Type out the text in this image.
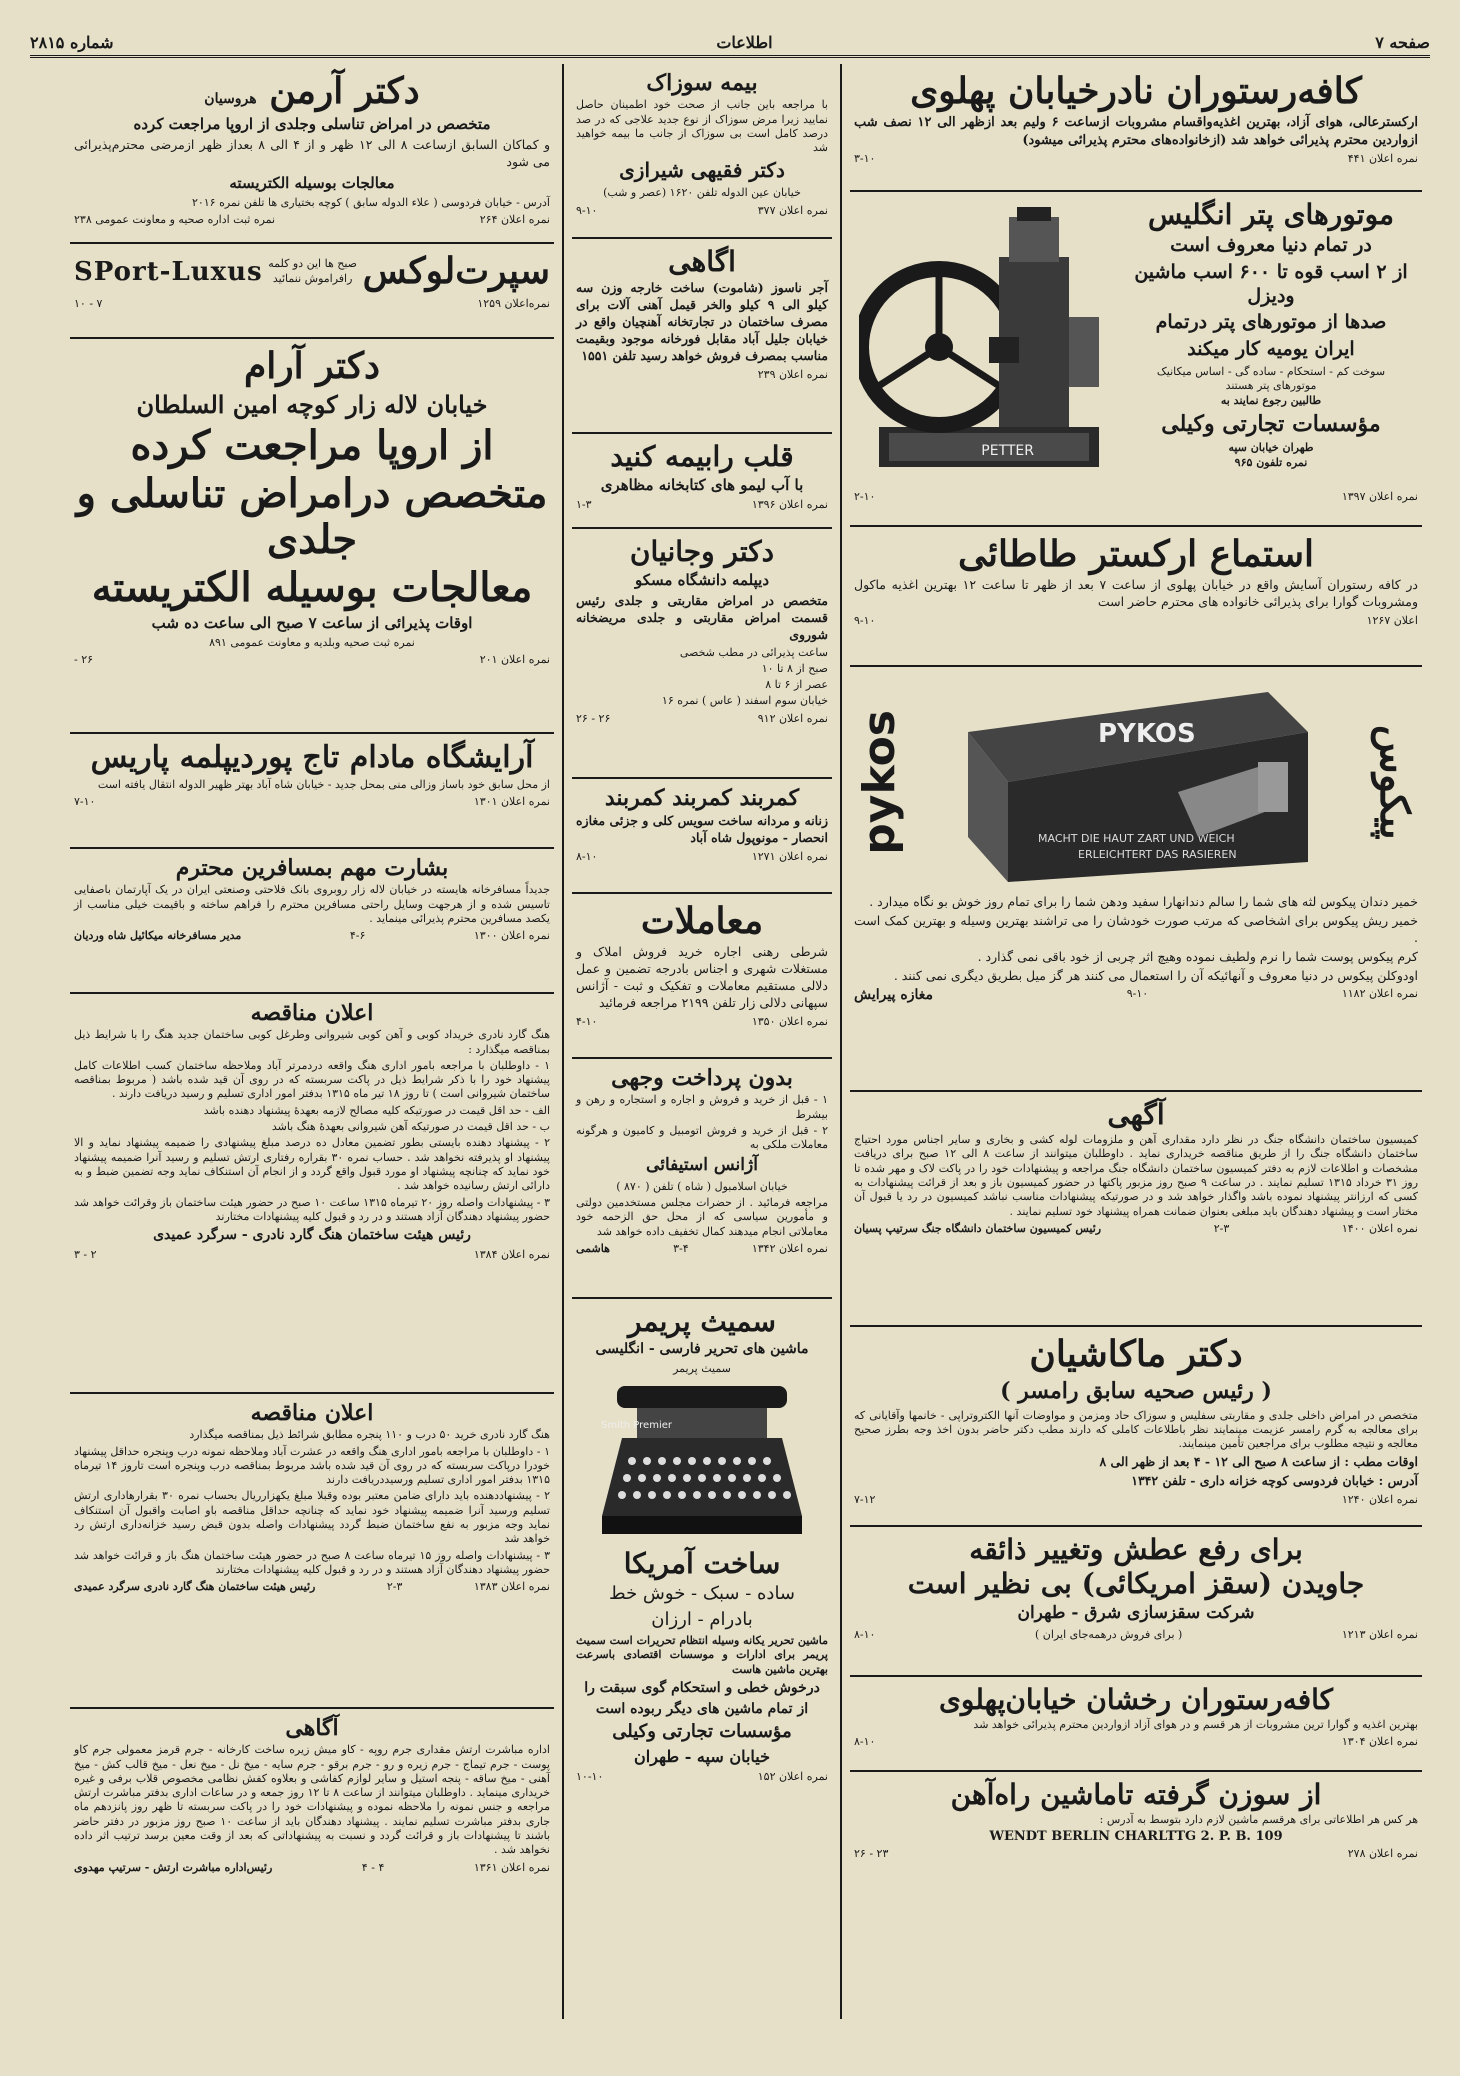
صفحه ۷
اطلاعات
شماره ۲۸۱۵
کافه‌رستوران نادرخیابان پهلوی
ارکسترعالی، هوای آزاد، بهترین اغذیه‌واقسام مشروبات ازساعت ۶ ولیم بعد ازظهر الی ۱۲ نصف شب ازواردین محترم پذیرائی خواهد شد (ازخانواده‌های محترم پذیرائی میشود)
نمره اعلان ۴۴۱
۳-۱۰
موتورهای پتر انگلیس
در تمام دنیا معروف است
از ۲ اسب قوه تا ۶۰۰ اسب ماشین ودیزل
صدها از موتورهای پتر درتمام
ایران یومیه کار میکند
سوخت کم - استحکام - ساده گی - اساس میکانیک
موتورهای پتر هستند
طالبین رجوع نمایند به
مؤسسات تجارتی وکیلی
طهران خیابان سپه
نمره تلفون ۹۶۵
PETTER
نمره اعلان ۱۳۹۷
۲-۱۰
استماع ارکستر طاطائی
در کافه رستوران آسایش واقع در خیابان پهلوی از ساعت ۷ بعد از ظهر تا ساعت ۱۲ بهترین اغذیه ماکول ومشروبات گوارا برای پذیرائی خانواده های محترم حاضر است
اعلان ۱۲۶۷
۹-۱۰
pykos	PYKOS
MACHT DIE HAUT ZART UND WEICH
ERLEICHTERT DAS RASIEREN
پیکوس
خمیر دندان پیکوس لثه های شما را سالم دندانهارا سفید ودهن شما را برای تمام روز خوش بو نگاه میدارد .
خمیر ریش پیکوس برای اشخاصی که مرتب صورت خودشان را می تراشند بهترین وسیله و بهترین کمک است .
کرم پیکوس پوست شما را نرم ولطیف نموده وهیچ اثر چربی از خود باقی نمی گذارد .
اودوکلن پیکوس در دنیا معروف و آنهائیکه آن را استعمال می کنند هر گز میل بطریق دیگری نمی کنند .
نمره اعلان ۱۱۸۲
۹-۱۰
مغازه پیرایش
آگهی
کمیسیون ساختمان دانشگاه جنگ در نظر دارد مقداری آهن و ملزومات لوله کشی و بخاری و سایر اجناس مورد احتیاج ساختمان دانشگاه جنگ را از طریق مناقصه خریداری نماید . داوطلبان میتوانند از ساعت ۸ الی ۱۲ صبح برای دریافت مشخصات و اطلاعات لازم به دفتر کمیسیون ساختمان دانشگاه جنگ مراجعه و پیشنهادات خود را در پاکت لاک و مهر شده تا روز ۳۱ خرداد ۱۳۱۵ تسلیم نمایند . در ساعت ۹ صبح روز مزبور پاکتها در حضور کمیسیون باز و بعد از قرائت پیشنهادات به کسی که ارزانتر پیشنهاد نموده باشد واگذار خواهد شد و در صورتیکه پیشنهادات مناسب نباشد کمیسیون در رد یا قبول آن مختار است و پیشنهاد دهندگان باید مبلغی بعنوان ضمانت همراه پیشنهاد خود تسلیم نمایند .
نمره اعلان ۱۴۰۰
۲-۳
رئیس کمیسیون ساختمان دانشگاه جنگ سرتیپ پسیان
دکتر ماکاشیان
( رئیس صحیه سابق رامسر )
متخصص در امراض داخلی جلدی و مقاربتی سفلیس و سوزاک حاد ومزمن و مواوضات آنها الکتروتراپی - خانمها وآقایانی که برای معالجه به گرم رامسر عزیمت مینمایند نظر باطلاعات کاملی که دارند مطب دکتر حاضر بدون اخذ وجه بطرز صحیح معالجه و نتیجه مطلوب برای مراجعین تأمین مینمایند.
اوقات مطب : از ساعت ۸ صبح الی ۱۲ - ۴ بعد از ظهر الی ۸
آدرس : خیابان فردوسی کوچه خزانه داری - تلفن ۱۳۴۲
نمره اعلان ۱۲۴۰
۷-۱۲
برای رفع عطش وتغییر ذائقه
جاویدن (سقز امریکائی) بی نظیر است
شرکت سقزسازی شرق - طهران
نمره اعلان ۱۲۱۳
( برای فروش درهمه‌جای ایران )
۸-۱۰
کافه‌رستوران رخشان خیابان‌پهلوی
بهترین اغذیه و گوارا ترین مشروبات از هر قسم و در هوای آزاد ازواردین محترم پذیرائی خواهد شد
نمره اعلان ۱۳۰۴
۸-۱۰
از سوزن گرفته تاماشین راه‌آهن
هر کس هر اطلاعاتی برای هرقسم ماشین لازم دارد بتوسط به آدرس :
WENDT BERLIN CHARLTTG 2. P. B. 109
نمره اعلان ۲۷۸
۲۳ - ۲۶
بیمه سوزاک
با مراجعه باین جانب از صحت خود اطمینان حاصل نمایید زیرا مرض سوزاک از نوع جدید علاجی که در صد درصد کامل است بی سوزاک از جانب ما بیمه خواهید شد
دکتر فقیهی شیرازی
خیابان عین الدوله تلفن ۱۶۲۰ (عصر و شب)
نمره اعلان ۳۷۷
۹-۱۰
اگاهی
آجر ناسوز (شاموت) ساخت خارجه وزن سه کیلو الی ۹ کیلو والخر قیمل آهنی آلات برای مصرف ساختمان در تجارتخانه آهنچیان واقع در خیابان جلیل آباد مقابل فورخانه موجود وبقیمت مناسب بمصرف فروش خواهد رسید تلفن ۱۵۵۱
نمره اعلان ۲۳۹
قلب رابیمه کنید
با آب لیمو های کتابخانه مظاهری
نمره اعلان ۱۳۹۶
۱-۳
دکتر وجانیان
دیپلمه دانشگاه مسکو
متخصص در امراض مقاربتی و جلدی رئیس قسمت امراض مقاربتی و جلدی مریضخانه شوروی
ساعت پذیرائی در مطب شخصی
صبح از ۸ تا ۱۰
عصر از ۶ تا ۸
خیابان سوم اسفند ( عاس ) نمره ۱۶
نمره اعلان ۹۱۲
۲۶ - ۲۶
کمربند کمربند کمربند
زنانه و مردانه ساخت سویس کلی و جزئی مغازه انحصار - مونوپول شاه آباد
نمره اعلان ۱۲۷۱
۸-۱۰
معاملات
شرطی رهنی اجاره خرید فروش املاک و مستغلات شهری و اجناس بادرجه تضمین و عمل دلالی مستقیم معاملات و تفکیک و ثبت - آژانس سپهانی دلالی زار تلفن ۲۱۹۹ مراجعه فرمائید
نمره اعلان ۱۳۵۰
۴-۱۰
بدون پرداخت وجهی
۱ - قبل از خرید و فروش و اجاره و استجاره و رهن و بیشرط
۲ - قبل از خرید و فروش اتومبیل و کامیون و هرگونه معاملات ملکی به
آژانس استیفائی
خیابان اسلامبول ( شاه ) تلفن ( ۸۷۰ )
مراجعه فرمائید . از حضرات مجلس مستخدمین دولتی و مأمورین سیاسی که از محل حق الزحمه خود معاملاتی انجام میدهند کمال تخفیف داده خواهد شد
نمره اعلان ۱۳۴۲
۳-۴
هاشمی
سمیث پریمر
ماشین های تحریر فارسی - انگلیسی
سمیث پریمر
Smith Premier
ساخت آمریکا
ساده - سبک - خوش خط
بادرام - ارزان
ماشین تحریر یکانه وسیله انتظام تحریرات است سمیث پریمر برای ادارات و موسسات اقتصادی باسرعت بهترین ماشین هاست
درخوش خطی و استحکام گوی سبقت را
از تمام ماشین های دیگر ربوده است
مؤسسات تجارتی وکیلی
خیابان سپه - طهران
نمره اعلان ۱۵۲
۱۰-۱۰
دکتر آرمن هروسیان
متخصص در امراض تناسلی وجلدی از اروپا مراجعت کرده
و کماکان السابق ازساعت ۸ الی ۱۲ ظهر و از ۴ الی ۸ بعداز ظهر ازمرضی محترم‌پذیرائی می شود
معالجات بوسیله الکتریسته
آدرس - خیابان فردوسی ( علاء الدوله سابق ) کوچه بختیاری ها تلفن نمره ۲۰۱۶
نمره اعلان ۲۶۴
نمره ثبت اداره صحیه و معاونت عمومی ۲۳۸
سپرت‌لوکس
صبح ها این دو کلمه
رافراموش ننمائید
SPort-Luxus
نمره‌اعلان ۱۲۵۹
۷ - ۱۰
دکتر آرام
خیابان لاله زار کوچه امین السلطان
از اروپا مراجعت کرده
متخصص درامراض تناسلی و جلدی
معالجات بوسیله الکتریسته
اوقات پذیرائی از ساعت ۷ صبح الی ساعت ده شب
نمره ثبت صحیه وبلدیه و معاونت عمومی ۸۹۱
نمره اعلان ۲۰۱
۲۶ -
آرایشگاه مادام تاج پوردیپلمه پاریس
از محل سابق خود باساز وزالی منی بمحل جدید - خیابان شاه آباد بهتر ظهیر الدوله انتقال یافته است
نمره اعلان ۱۳۰۱
۷-۱۰
بشارت مهم بمسافرین محترم
جدیداً مسافرخانه هایسته در خیابان لاله زار روبروی بانک فلاحتی وصنعتی ایران در یک آپارتمان باصفایی تاسیس شده و از هرجهت وسایل راحتی مسافرین محترم را فراهم ساخته و باقیمت خیلی مناسب از یکصد مسافرین محترم پذیرائی مینماید .
نمره اعلان ۱۳۰۰
۴-۶
مدیر مسافرخانه میکائیل شاه وردیان
اعلان مناقصه
هنگ گارد نادری خریداد کوبی و آهن کوبی شیروانی وطرغل کوبی ساختمان جدید هنگ را با شرایط ذیل بمناقصه میگذارد :
۱ - داوطلبان با مراجعه بامور اداری هنگ واقعه دردمرتر آباد وملاحظه ساختمان کسب اطلاعات کامل پیشنهاد خود را با ذکر شرایط ذیل در پاکت سربسته که در روی آن قید شده باشد ( مربوط بمناقصه ساختمان شیروانی است ) تا روز ۱۸ تیر ماه ۱۳۱۵ بدفتر امور اداری تسلیم و رسید دریافت دارند .
الف - حد اقل قیمت در صورتیکه کلیه مصالح لازمه بعهدهٔ پیشنهاد دهنده باشد
ب - حد اقل قیمت در صورتیکه آهن شیروانی بعهدهٔ هنگ باشد
۲ - پیشنهاد دهنده بایستی بطور تضمین معادل ده درصد مبلغ پیشنهادی را ضمیمه پیشنهاد نماید و الا پیشنهاد او پذیرفته نخواهد شد . حساب نمره ۳۰ بقراره رفتاری ارتش تسلیم و رسید آنرا ضمیمه پیشنهاد خود نماید که چنانچه پیشنهاد او مورد قبول واقع گردد و از انجام آن استنکاف نماید وجه تضمین ضبط و به دارائی ارتش رسانیده خواهد شد .
۳ - پیشنهادات واصله روز ۲۰ تیرماه ۱۳۱۵ ساعت ۱۰ صبح در حضور هیئت ساختمان باز وقرائت خواهد شد حضور پیشنهاد دهندگان آزاد هستند و در رد و قبول کلیه پیشنهادات مختارند
رئیس هیئت ساختمان هنگ گارد نادری - سرگرد عمیدی
نمره اعلان ۱۳۸۴
۲ - ۳
اعلان مناقصه
هنگ گارد نادری خرید ۵۰ درب و ۱۱۰ پنجره مطابق شرائط ذیل بمناقصه میگذارد
۱ - داوطلبان با مراجعه بامور اداری هنگ واقعه در عشرت آباد وملاحظه نمونه درب وپنجره حداقل پیشنهاد خودرا درپاکت سربسته که در روی آن قید شده باشد مربوط بمناقصه درب وپنجره است تاروز ۱۴ تیرماه ۱۳۱۵ بدفتر امور اداری تسلیم ورسیددریافت دارند
۲ - پیشنهاددهنده باید دارای ضامن معتبر بوده وقبلا مبلغ یکهزارریال بحساب نمره ۳۰ بقرارهاداری ارتش تسلیم ورسید آنرا ضمیمه پیشنهاد خود نماید که چنانچه حداقل مناقصه باو اصابت واقبول آن استنکاف نماید وجه مزبور به نفع ساختمان ضبط گردد پیشنهادات واصله بدون قبض رسید خزانه‌داری ارتش رد خواهد شد
۳ - پیشنهادات واصله روز ۱۵ تیرماه ساعت ۸ صبح در حضور هیئت ساختمان هنگ باز و قرائت خواهد شد حضور پیشنهاد دهندگان آزاد هستند و در رد و قبول کلیه پیشنهادات مختارند
نمره اعلان ۱۳۸۳
۲-۳
رئیس هیئت ساختمان هنگ گارد نادری سرگرد عمیدی
آگاهی
اداره مباشرت ارتش مقداری جرم روپه - کاو میش زیره ساخت کارخانه - جرم قرمز معمولی جرم کاو پوست - جرم تیماج - جرم زیره و رو - جرم برقو - جرم سایه - میخ نل - میخ نعل - میخ قالب کش - میخ آهنی - میخ ساقه - پنجه استیل و سایر لوازم کفاشی و بعلاوه کفش نظامی مخصوص قلاب برفی و غیره خریداری مینماید . داوطلبان میتوانند از ساعت ۸ تا ۱۲ روز جمعه و در ساعات اداری بدفتر مباشرت ارتش مراجعه و جنس نمونه را ملاحظه نموده و پیشنهادات خود را در پاکت سربسته تا ظهر روز پانزدهم ماه جاری بدفتر مباشرت تسلیم نمایند . پیشنهاد دهندگان باید از ساعت ۱۰ صبح روز مزبور در دفتر حاضر باشند تا پیشنهادات باز و قرائت گردد و نسبت به پیشنهاداتی که بعد از وقت معین برسد ترتیب اثر داده نخواهد شد .
نمره اعلان ۱۳۶۱
۴ - ۴
رئیس‌اداره مباشرت ارتش - سرتیپ مهدوی
